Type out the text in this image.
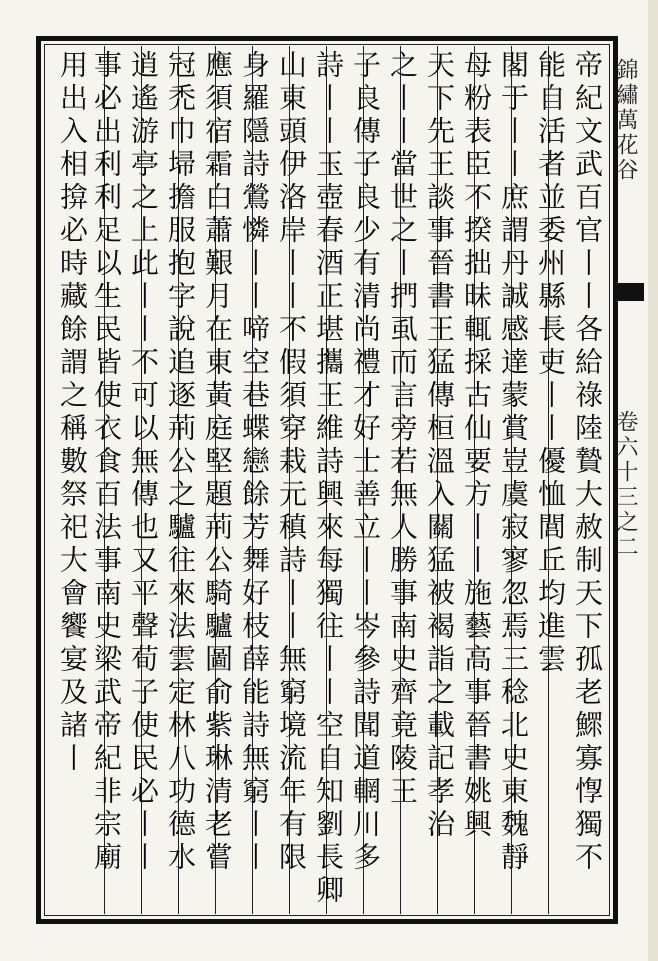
帝紀文武百官丨丨各給祿陸贄大赦制天下孤老鰥寡惸獨不
能自活者並委州縣長吏丨丨優恤閭丘均進雲
閣于丨丨庶謂丹誠感達蒙賞豈虞寂寥忽焉三稔北史東魏靜
母粉表臣不揆拙昧輒採古仙要方丨丨施藝高事晉書姚興
天下先王談事晉書王猛傳桓溫入關猛被褐詣之載記孝治
之丨丨當世之丨捫虱而言旁若無人勝事南史齊竟陵王
子良傳子良少有清尚禮才好士善立丨丨岑參詩聞道輞川多
詩丨丨玉壺春酒正堪攜王維詩興來每獨往丨丨空自知劉長卿
山東頭伊洛岸丨丨不假須穿栽元稹詩丨丨無窮境流年有限
身羅隱詩鶯憐丨丨啼空巷蝶戀餘芳舞好枝薛能詩無窮丨丨
應須宿霜白蕭艱月在東黃庭堅題荊公騎驢圖俞紫琳清老嘗
冠禿巾埽擔服抱字說追逐荊公之驢往來法雲定林八功德水
逍遙游亭之上此丨丨不可以無傳也又平聲荀子使民必丨丨
事必出利利足以生民皆使衣食百法事南史梁武帝紀非宗廟
用出入相揜必時藏餘謂之稱數祭祀大會饗宴及諸丨	錦繡萬花谷
卷六十三之二
